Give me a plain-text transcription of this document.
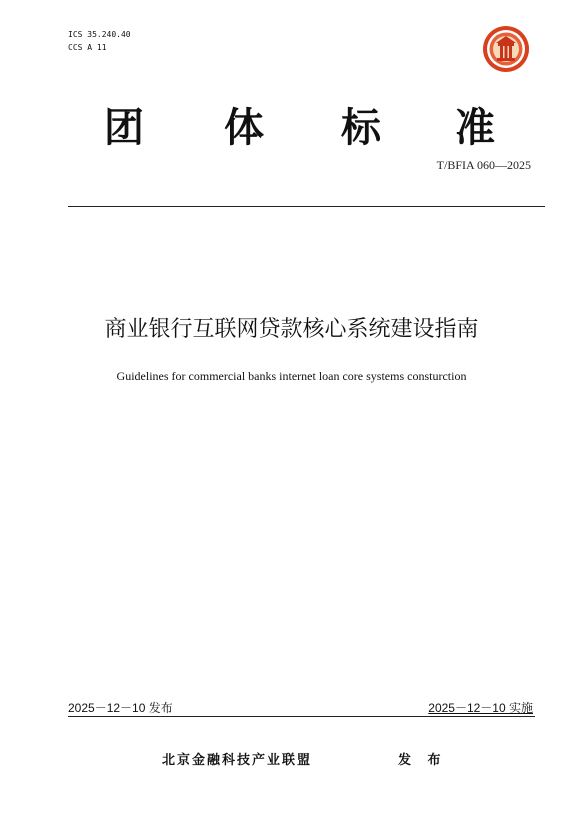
ICS 35.240.40
CCS A 11
团 体 标 准
T/BFIA 060—2025
商业银行互联网贷款核心系统建设指南
Guidelines for commercial banks internet loan core systems consturction
2025－12－10 发布	2025－12－10 实施
北京金融科技产业联盟	发 布
